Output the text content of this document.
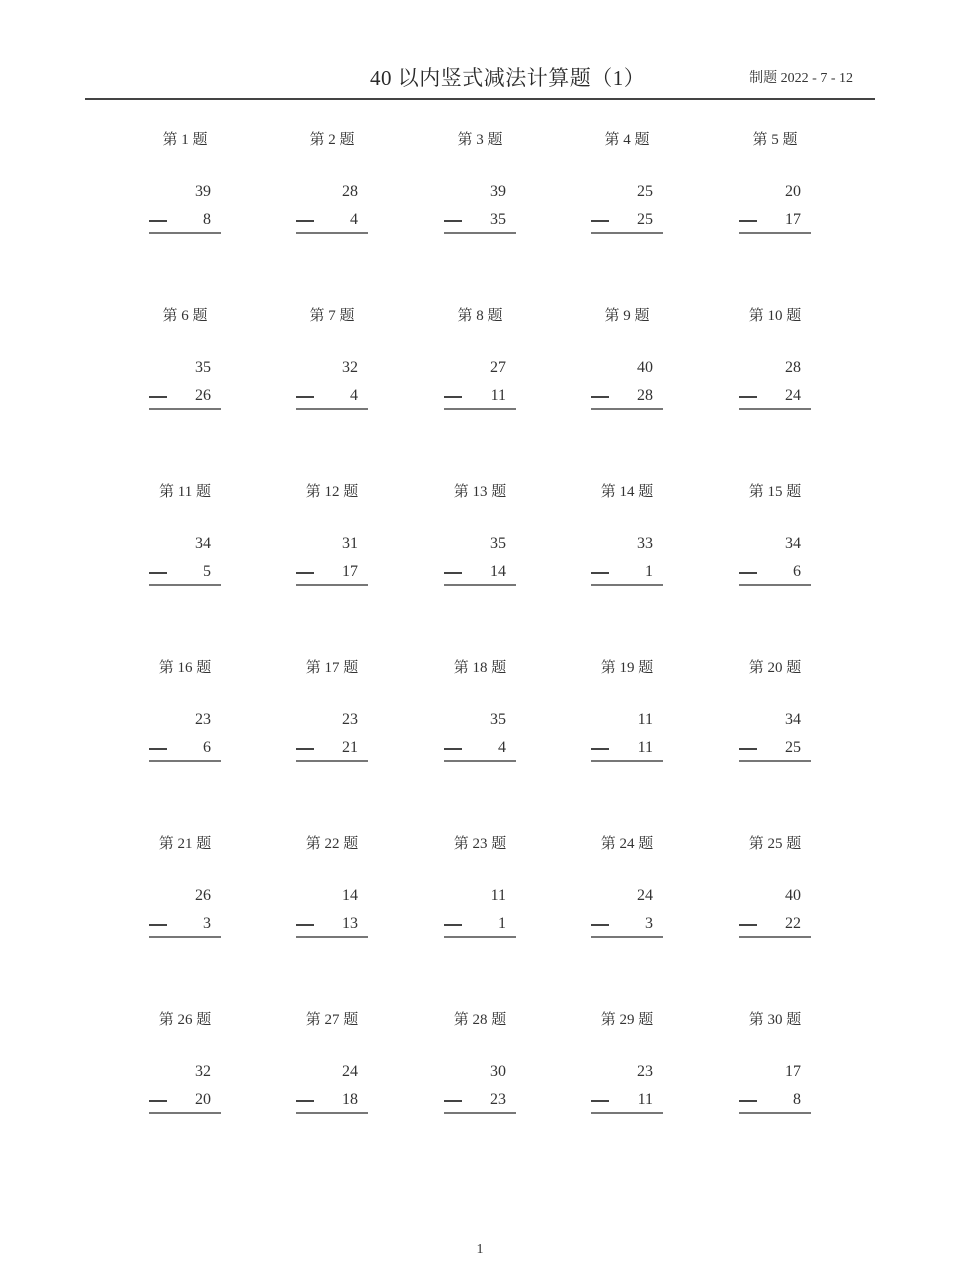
40 以内竖式减法计算题（1）	制题 2022 - 7 - 12
第 1 题
39
8
第 2 题
28
4
第 3 题
39
35
第 4 题
25
25
第 5 题
20
17
第 6 题
35
26
第 7 题
32
4
第 8 题
27
11
第 9 题
40
28
第 10 题
28
24
第 11 题
34
5
第 12 题
31
17
第 13 题
35
14
第 14 题
33
1
第 15 题
34
6
第 16 题
23
6
第 17 题
23
21
第 18 题
35
4
第 19 题
11
11
第 20 题
34
25
第 21 题
26
3
第 22 题
14
13
第 23 题
11
1
第 24 题
24
3
第 25 题
40
22
第 26 题
32
20
第 27 题
24
18
第 28 题
30
23
第 29 题
23
11
第 30 题
17
8
1
